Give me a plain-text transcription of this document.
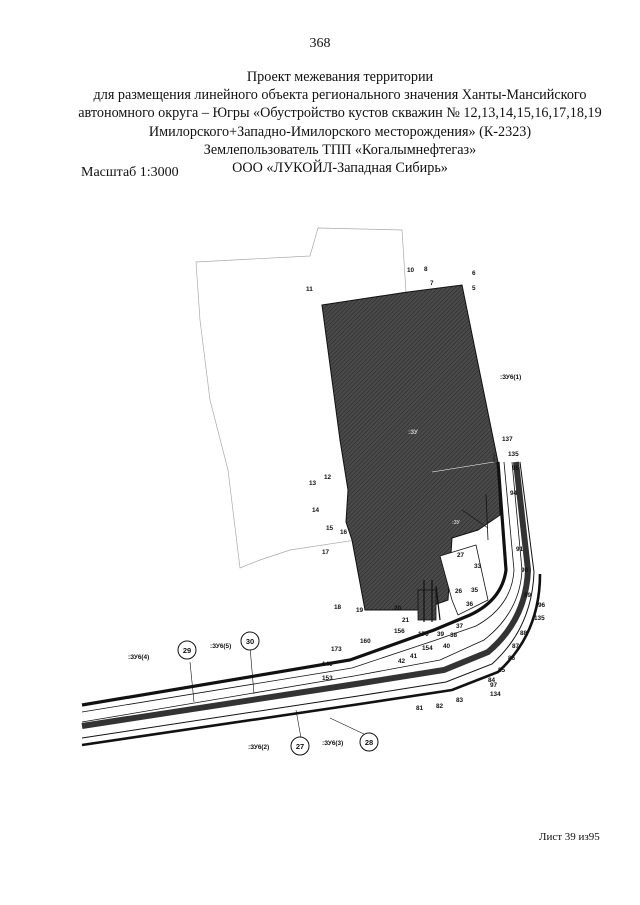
368
Проект межевания территории
для размещения линейного объекта регионального значения Ханты-Мансийского
автономного округа – Югры «Обустройство кустов скважин № 12,13,14,15,16,17,18,19
Имилорского+Западно-Имилорского месторождения» (К-2323)
Землепользователь ТПП «Когалымнефтегаз»
ООО «ЛУКОЙЛ-Западная Сибирь»
Масштаб 1:3000
29
30
27	28
:ЗУ6(1)
:ЗУ6(4)
:ЗУ6(5)
:ЗУ6(2)
:ЗУ6(3)
:ЗУ
:ЗУ
10 8
7
6
5
11
137
135
95
94
12
13
14
15
16
17	27
91
33
90
35
89
26
36	96
135
18 19	20
21
37
38	88
156 170 39
160
40
154	87
173
41	86
42
140
85
153	84
97
134
83
82
81
Лист 39 из95
